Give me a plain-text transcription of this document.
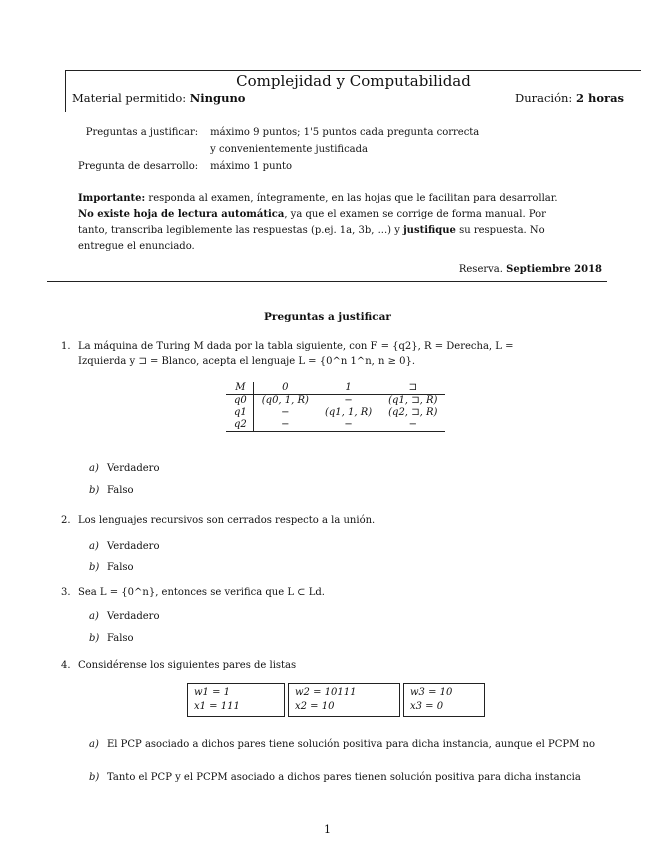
Complejidad y Computabilidad
Material permitido: Ninguno	Duración: 2 horas
Preguntas a justificar:	máximo 9 puntos; 1'5 puntos cada pregunta correcta
	y convenientemente justificada
Pregunta de desarrollo:	máximo 1 punto
Importante: responda al examen, íntegramente, en las hojas que le facilitan para desarrollar. No existe hoja de lectura automática, ya que el examen se corrige de forma manual. Por tanto, transcriba legiblemente las respuestas (p.ej. 1a, 3b, ...) y justifique su respuesta. No entregue el enunciado.
Reserva. Septiembre 2018
Preguntas a justificar
1. La máquina de Turing M dada por la tabla siguiente, con F = {q2}, R = Derecha, L =
Izquierda y ⊐ = Blanco, acepta el lenguaje L = {0^n 1^n, n ≥ 0}.
M	0	1	⊐
q0	(q0, 1, R)	−	(q1, ⊐, R)
q1	−	(q1, 1, R)	(q2, ⊐, R)
q2	−	−	−
a) Verdadero
b) Falso
2. Los lenguajes recursivos son cerrados respecto a la unión.
a) Verdadero
b) Falso
3. Sea L = {0^n}, entonces se verifica que L ⊂ Ld.
a) Verdadero
b) Falso
4. Considérense los siguientes pares de listas
w1 = 1
x1 = 111
w2 = 10111
x2 = 10
w3 = 10
x3 = 0
a) El PCP asociado a dichos pares tiene solución positiva para dicha instancia, aunque el PCPM no
b) Tanto el PCP y el PCPM asociado a dichos pares tienen solución positiva para dicha instancia
1
